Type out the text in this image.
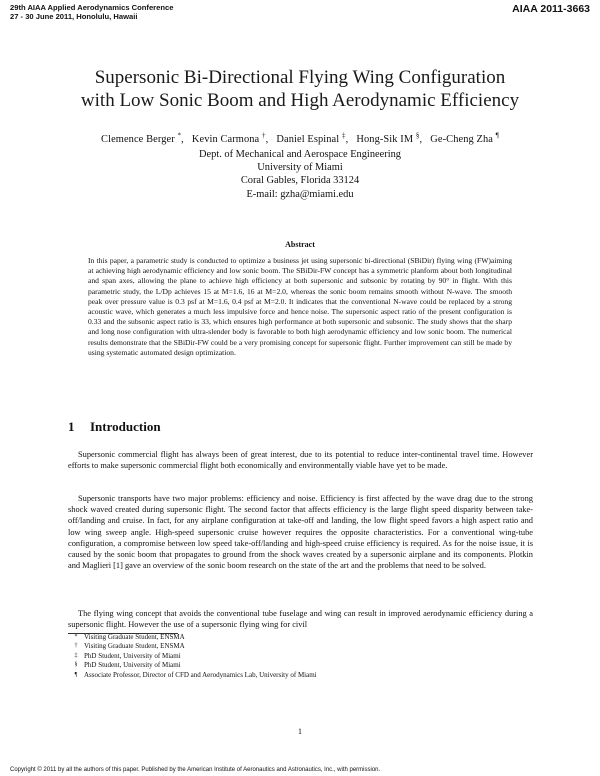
29th AIAA Applied Aerodynamics Conference
27 - 30 June 2011, Honolulu, Hawaii
AIAA 2011-3663
Supersonic Bi-Directional Flying Wing Configuration
with Low Sonic Boom and High Aerodynamic Efficiency
Clemence Berger *,   Kevin Carmona †,   Daniel Espinal ‡,   Hong-Sik IM §,   Ge-Cheng Zha ¶
Dept. of Mechanical and Aerospace Engineering
University of Miami
Coral Gables, Florida 33124
E-mail: gzha@miami.edu
Abstract
In this paper, a parametric study is conducted to optimize a business jet using supersonic bi-directional (SBiDir) flying wing (FW)aiming at achieving high aerodynamic efficiency and low sonic boom. The SBiDir-FW concept has a symmetric planform about both longitudinal and span axes, allowing the plane to achieve high efficiency at both supersonic and subsonic by rotating by 90° in flight. With this parametric study, the L/Dp achieves 15 at M=1.6, 16 at M=2.0, whereas the sonic boom remains smooth without N-wave. The smooth peak over pressure value is 0.3 psf at M=1.6, 0.4 psf at M=2.0. It indicates that the conventional N-wave could be replaced by a strong acoustic wave, which generates a much less impulsive force and hence noise. The supersonic aspect ratio of the present configuration is 0.33 and the subsonic aspect ratio is 33, which ensures high performance at both supersonic and subsonic. The study shows that the sharp and long nose configuration with ultra-slender body is favorable to both high aerodynamic efficiency and low sonic boom. The numerical results demonstrate that the SBiDir-FW could be a very promising concept for supersonic flight. Further improvement can still be made by using systematic automated design optimization.
1 Introduction
Supersonic commercial flight has always been of great interest, due to its potential to reduce inter-continental travel time. However efforts to make supersonic commercial flight both economically and environmentally viable have yet to be made.
Supersonic transports have two major problems: efficiency and noise. Efficiency is first affected by the wave drag due to the strong shock waved created during supersonic flight. The second factor that affects efficiency is the large flight speed disparity between take-off/landing and cruise. In fact, for any airplane configuration at take-off and landing, the low flight speed favors a high aspect ratio and low wing sweep angle. High-speed supersonic cruise however requires the opposite characteristics. For a conventional wing-tube configuration, a compromise between low speed take-off/landing and high-speed cruise efficiency is required. As for the noise issue, it is caused by the sonic boom that propagates to ground from the shock waves created by a supersonic airplane and its components. Plotkin and Maglieri [1] gave an overview of the sonic boom research on the state of the art and the problems that need to be solved.
The flying wing concept that avoids the conventional tube fuselage and wing can result in improved aerodynamic efficiency during a supersonic flight. However the use of a supersonic flying wing for civil
* Visiting Graduate Student, ENSMA
† Visiting Graduate Student, ENSMA
‡ PhD Student, University of Miami
§ PhD Student, University of Miami
¶ Associate Professor, Director of CFD and Aerodynamics Lab, University of Miami
1
Copyright © 2011 by all the authors of this paper. Published by the American Institute of Aeronautics and Astronautics, Inc., with permission.
